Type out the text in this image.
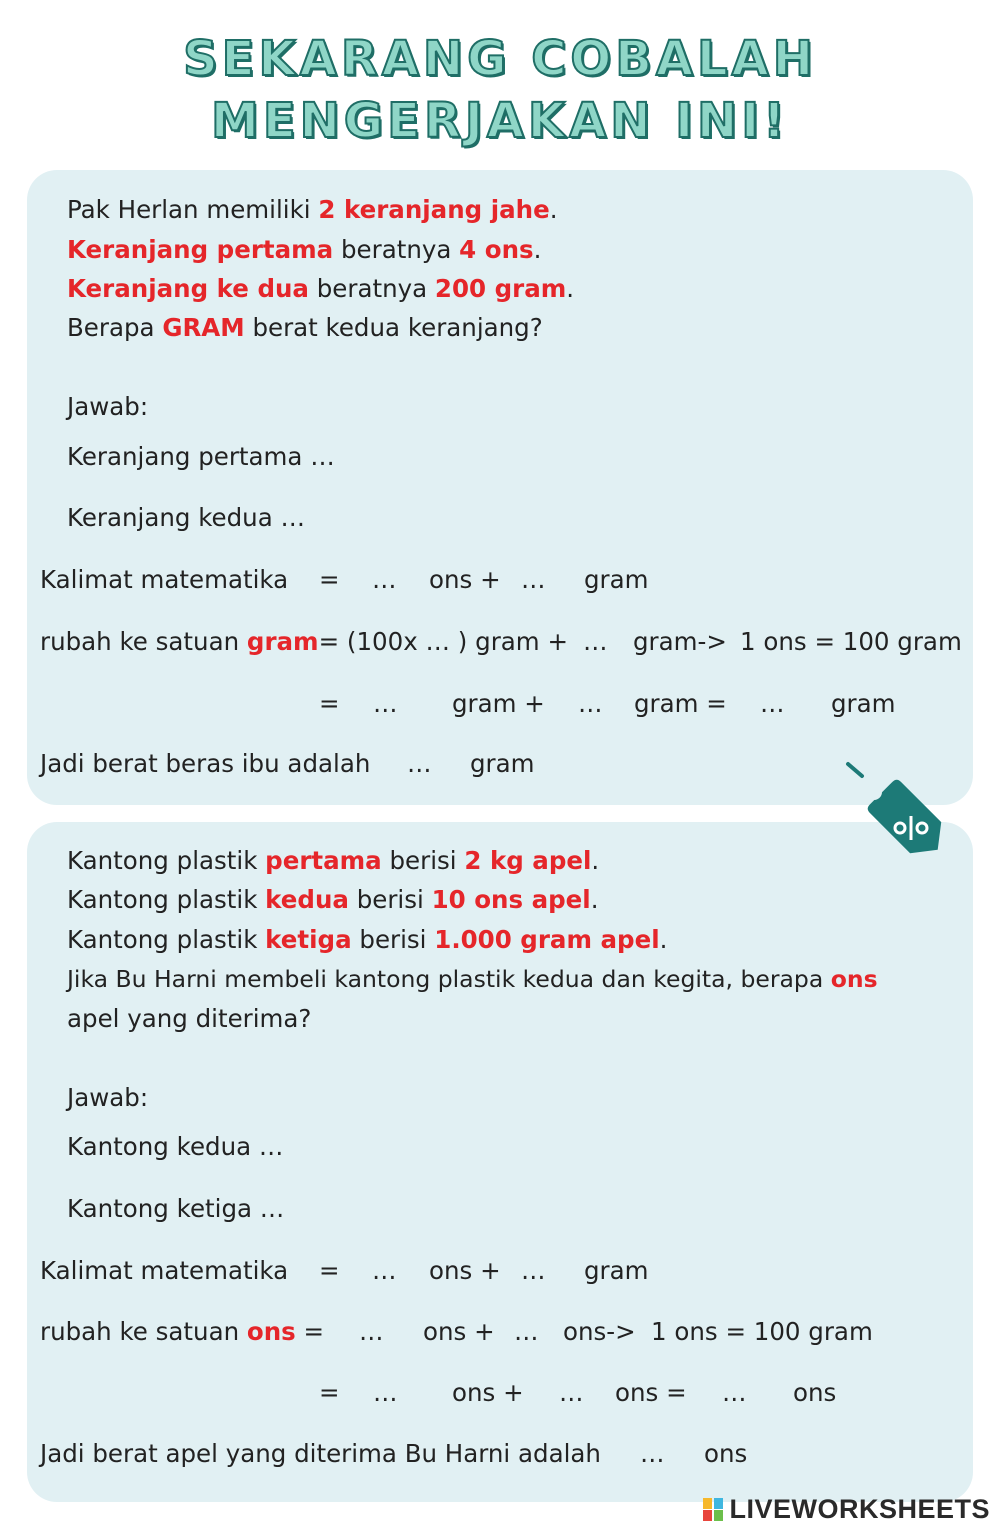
SEKARANG COBALAH
MENGERJAKAN INI!
Pak Herlan memiliki 2 keranjang jahe.
Keranjang pertama beratnya 4 ons.
Keranjang ke dua beratnya 200 gram.
Berapa GRAM berat kedua keranjang?
Jawab:
Keranjang pertama …
Keranjang kedua …
Kalimat matematika = … ons + … gram
rubah ke satuan gram= (100x … ) gram + … gram-> 1 ons = 100 gram
= … gram + … gram = … gram
Jadi berat beras ibu adalah … gram
Kantong plastik pertama berisi 2 kg apel.
Kantong plastik kedua berisi 10 ons apel.
Kantong plastik ketiga berisi 1.000 gram apel.
Jika Bu Harni membeli kantong plastik kedua dan kegita, berapa ons
apel yang diterima?
Jawab:
Kantong kedua …
Kantong ketiga …
Kalimat matematika = … ons + … gram
rubah ke satuan ons = … ons + … ons-> 1 ons = 100 gram
= … ons + … ons = … ons
Jadi berat apel yang diterima Bu Harni adalah … ons
LIVEWORKSHEETS
